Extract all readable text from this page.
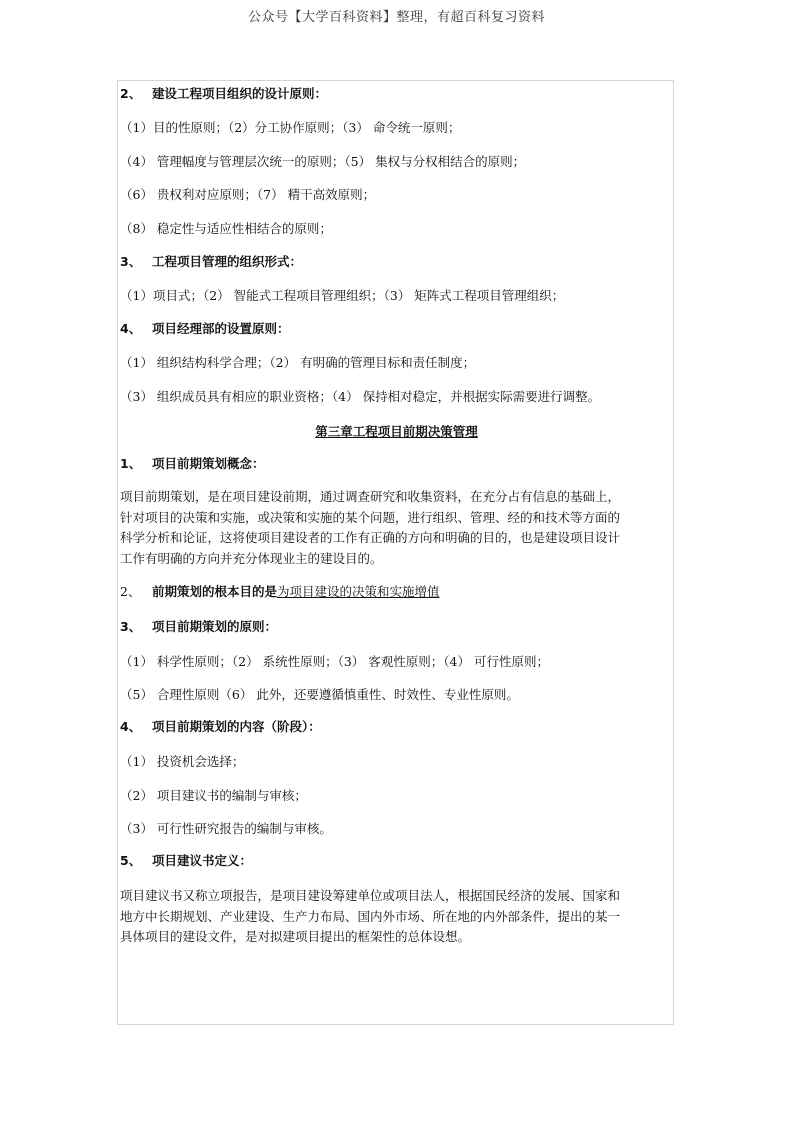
公众号【大学百科资料】整理，有超百科复习资料
2、 建设工程项目组织的设计原则：
（1）目的性原则；（2）分工协作原则；（3） 命令统一原则；
（4） 管理幅度与管理层次统一的原则；（5） 集权与分权相结合的原则；
（6） 贵权利对应原则；（7） 精干高效原则；
（8） 稳定性与适应性相结合的原则；
3、 工程项目管理的组织形式：
（1）项目式；（2） 智能式工程项目管理组织；（3） 矩阵式工程项目管理组织；
4、 项目经理部的设置原则：
（1） 组织结构科学合理；（2） 有明确的管理目标和责任制度；
（3） 组织成员具有相应的职业资格；（4） 保持相对稳定，并根据实际需要进行调整。
第三章工程项目前期决策管理
1、 项目前期策划概念：
项目前期策划，是在项目建设前期，通过调查研究和收集资料，在充分占有信息的基础上，
针对项目的决策和实施，或决策和实施的某个问题，进行组织、管理、经的和技术等方面的
科学分析和论证，这将使项目建设者的工作有正确的方向和明确的目的，也是建设项目设计
工作有明确的方向并充分体现业主的建设目的。
2、 前期策划的根本目的是为项目建设的决策和实施增值
3、 项目前期策划的原则：
（1） 科学性原则；（2） 系统性原则；（3） 客观性原则；（4） 可行性原则；
（5） 合理性原则（6） 此外，还要遵循慎重性、时效性、专业性原则。
4、 项目前期策划的内容（阶段）：
（1） 投资机会选择；
（2） 项目建议书的编制与审核；
（3） 可行性研究报告的编制与审核。
5、 项目建议书定义：
项目建议书又称立项报告，是项目建设筹建单位或项目法人，根据国民经济的发展、国家和
地方中长期规划、产业建设、生产力布局、国内外市场、所在地的内外部条件，提出的某一
具体项目的建设文件，是对拟建项目提出的框架性的总体设想。
